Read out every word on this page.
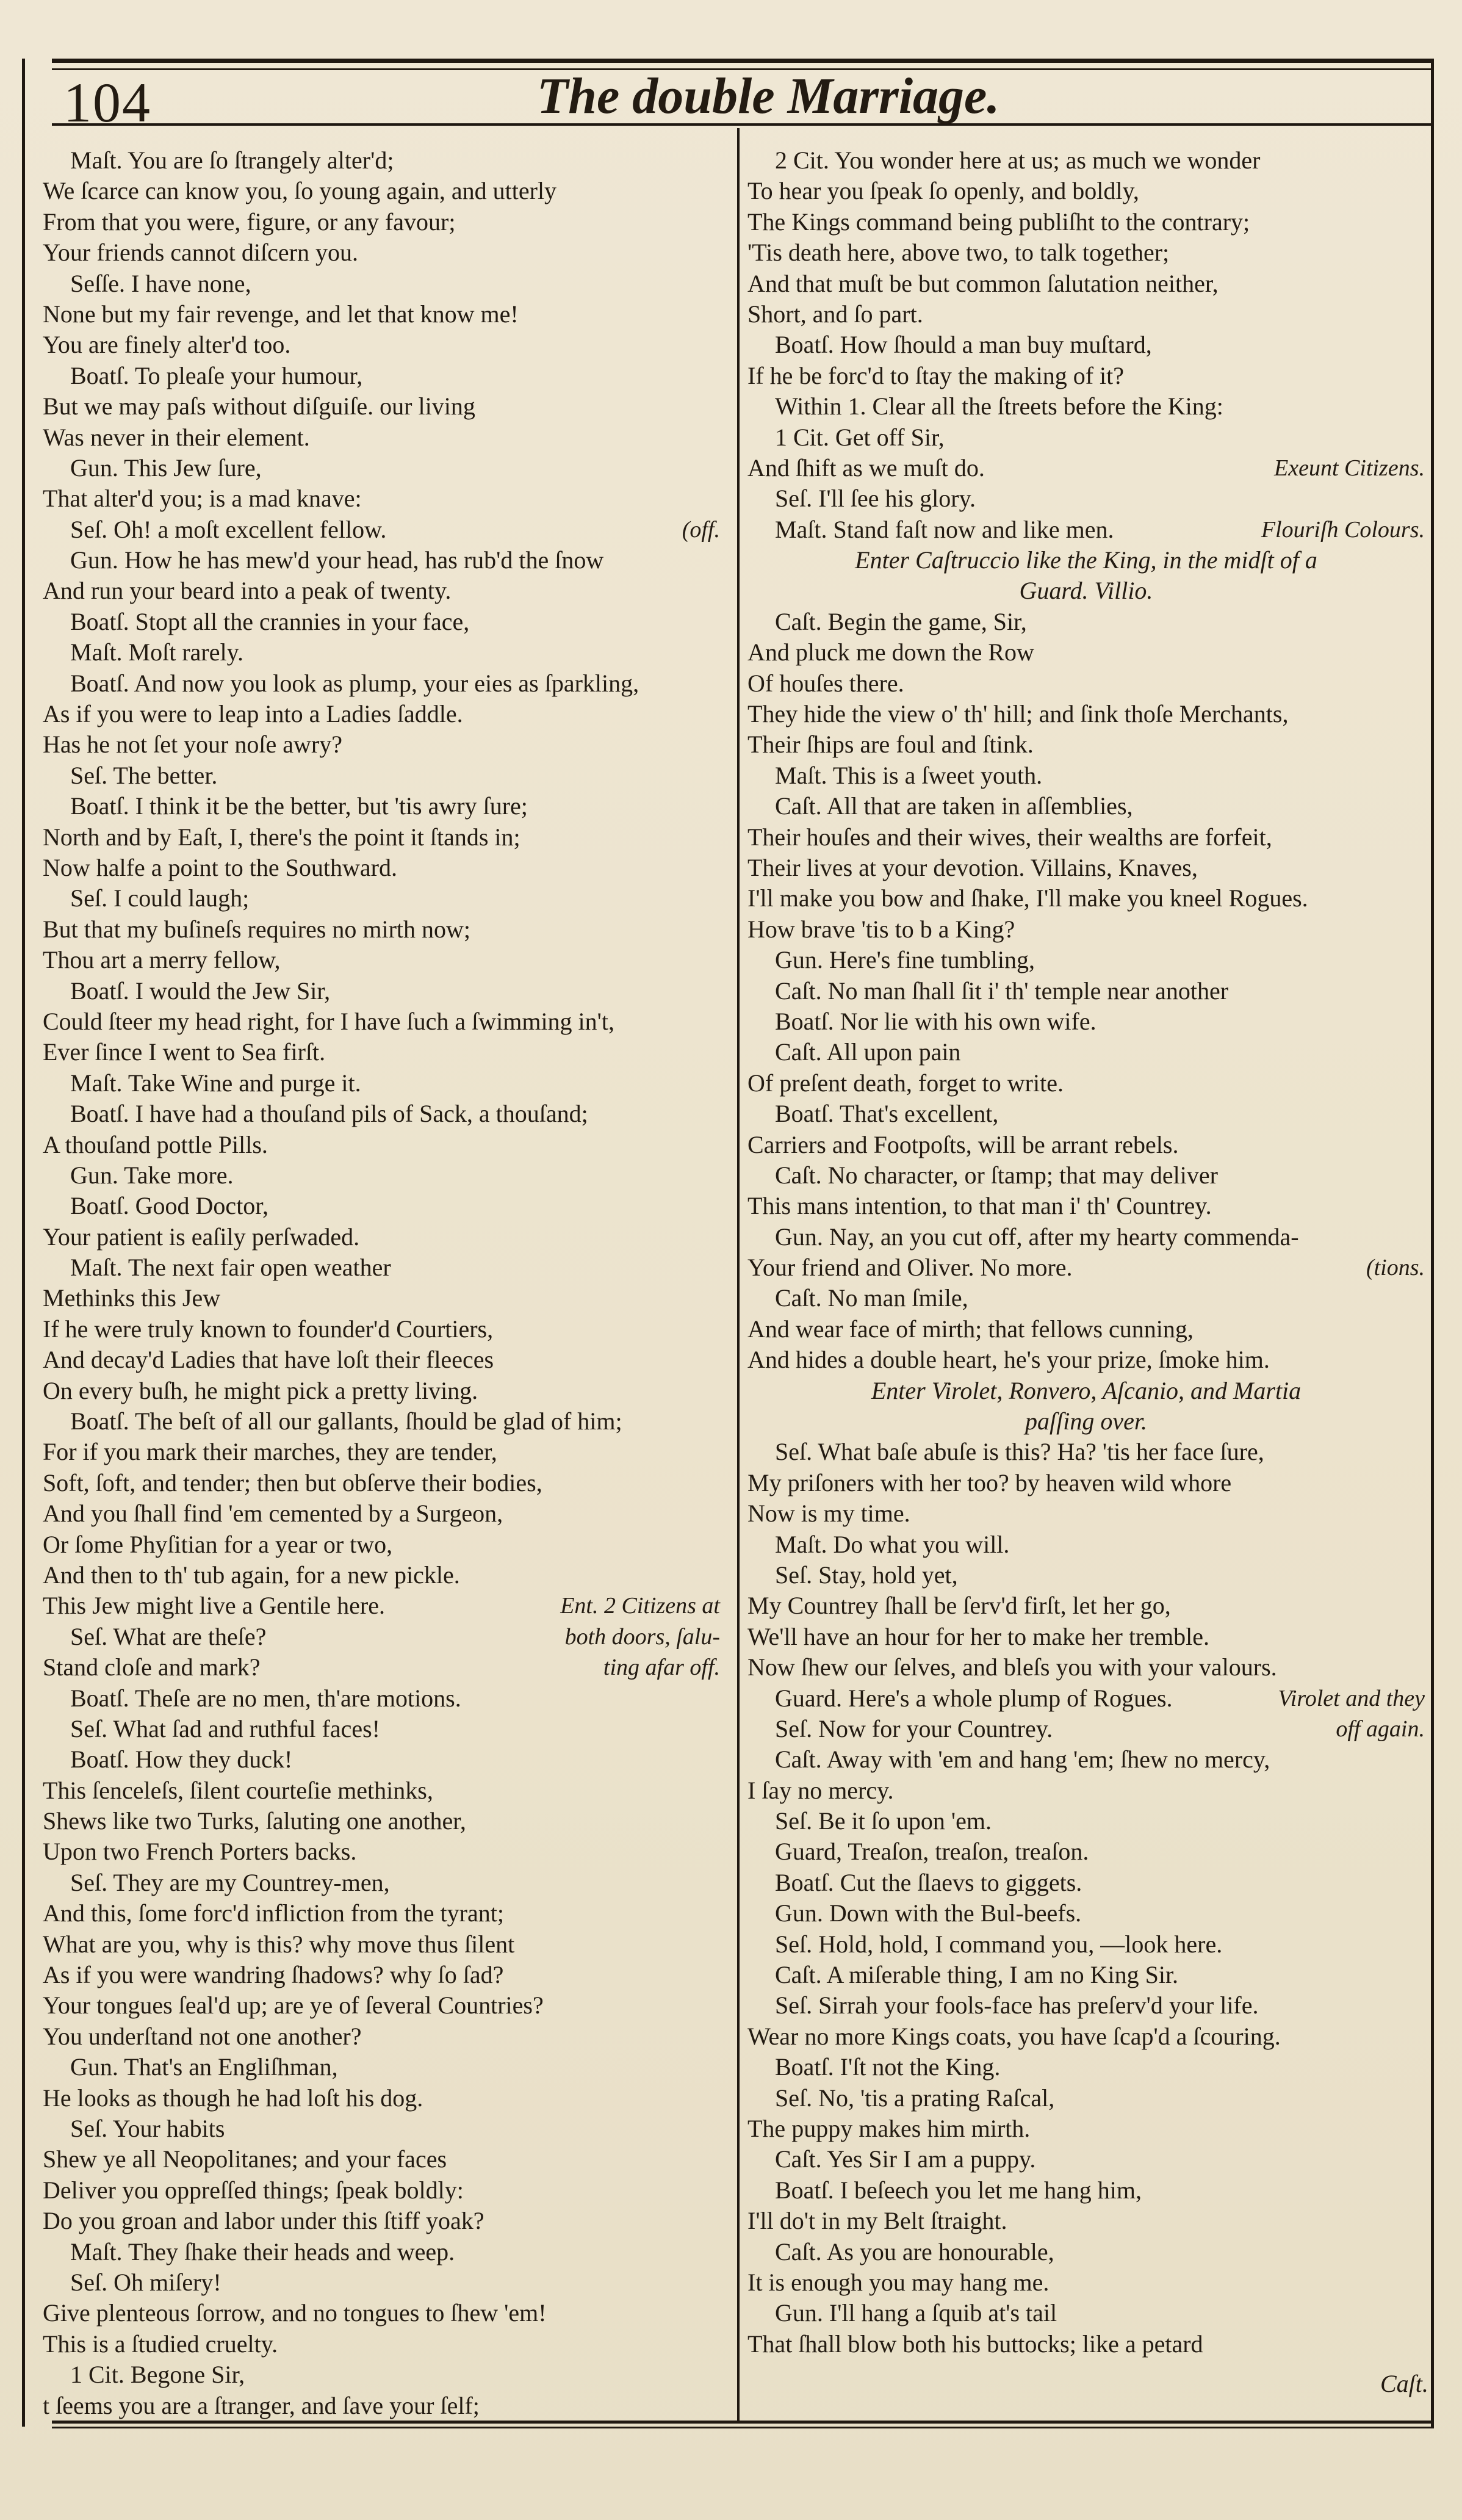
104	The double Marriage.
Maſt. You are ſo ſtrangely alter'd;
We ſcarce can know you, ſo young again, and utterly
From that you were, figure, or any favour;
Your friends cannot diſcern you.
Seſſe. I have none,
None but my fair revenge, and let that know me!
You are finely alter'd too.
Boatſ. To pleaſe your humour,
But we may paſs without diſguiſe. our living
Was never in their element.
Gun. This Jew ſure,
That alter'd you; is a mad knave:
Seſ. Oh! a moſt excellent fellow.	(off.
Gun. How he has mew'd your head, has rub'd the ſnow
And run your beard into a peak of twenty.
Boatſ. Stopt all the crannies in your face,
Maſt. Moſt rarely.
Boatſ. And now you look as plump, your eies as ſparkling,
As if you were to leap into a Ladies ſaddle.
Has he not ſet your noſe awry?
Seſ. The better.
Boatſ. I think it be the better, but 'tis awry ſure;
North and by Eaſt, I, there's the point it ſtands in;
Now halfe a point to the Southward.
Seſ. I could laugh;
But that my buſineſs requires no mirth now;
Thou art a merry fellow,
Boatſ. I would the Jew Sir,
Could ſteer my head right, for I have ſuch a ſwimming in't,
Ever ſince I went to Sea firſt.
Maſt. Take Wine and purge it.
Boatſ. I have had a thouſand pils of Sack, a thouſand;
A thouſand pottle Pills.
Gun. Take more.
Boatſ. Good Doctor,
Your patient is eaſily perſwaded.
Maſt. The next fair open weather
Methinks this Jew
If he were truly known to founder'd Courtiers,
And decay'd Ladies that have loſt their fleeces
On every buſh, he might pick a pretty living.
Boatſ. The beſt of all our gallants, ſhould be glad of him;
For if you mark their marches, they are tender,
Soft, ſoft, and tender; then but obſerve their bodies,
And you ſhall find 'em cemented by a Surgeon,
Or ſome Phyſitian for a year or two,
And then to th' tub again, for a new pickle.
This Jew might live a Gentile here.	Ent. 2 Citizens at
Seſ. What are theſe?	both doors, ſalu-
Stand cloſe and mark?	ting afar off.
Boatſ. Theſe are no men, th'are motions.
Seſ. What ſad and ruthful faces!
Boatſ. How they duck!
This ſenceleſs, ſilent courteſie methinks,
Shews like two Turks, ſaluting one another,
Upon two French Porters backs.
Seſ. They are my Countrey-men,
And this, ſome forc'd infliction from the tyrant;
What are you, why is this? why move thus ſilent
As if you were wandring ſhadows? why ſo ſad?
Your tongues ſeal'd up; are ye of ſeveral Countries?
You underſtand not one another?
Gun. That's an Engliſhman,
He looks as though he had loſt his dog.
Seſ. Your habits
Shew ye all Neopolitanes; and your faces
Deliver you oppreſſed things; ſpeak boldly:
Do you groan and labor under this ſtiff yoak?
Maſt. They ſhake their heads and weep.
Seſ. Oh miſery!
Give plenteous ſorrow, and no tongues to ſhew 'em!
This is a ſtudied cruelty.
1 Cit. Begone Sir,
t ſeems you are a ſtranger, and ſave your ſelf;
2 Cit. You wonder here at us; as much we wonder
To hear you ſpeak ſo openly, and boldly,
The Kings command being publiſht to the contrary;
'Tis death here, above two, to talk together;
And that muſt be but common ſalutation neither,
Short, and ſo part.
Boatſ. How ſhould a man buy muſtard,
If he be forc'd to ſtay the making of it?
Within 1. Clear all the ſtreets before the King:
1 Cit. Get off Sir,
And ſhift as we muſt do.	Exeunt Citizens.
Seſ. I'll ſee his glory.
Maſt. Stand faſt now and like men.	Flouriſh Colours.
Enter Caſtruccio like the King, in the midſt of a
Guard. Villio.
Caſt. Begin the game, Sir,
And pluck me down the Row
Of houſes there.
They hide the view o' th' hill; and ſink thoſe Merchants,
Their ſhips are foul and ſtink.
Maſt. This is a ſweet youth.
Caſt. All that are taken in aſſemblies,
Their houſes and their wives, their wealths are forfeit,
Their lives at your devotion. Villains, Knaves,
I'll make you bow and ſhake, I'll make you kneel Rogues.
How brave 'tis to b a King?
Gun. Here's fine tumbling,
Caſt. No man ſhall ſit i' th' temple near another
Boatſ. Nor lie with his own wife.
Caſt. All upon pain
Of preſent death, forget to write.
Boatſ. That's excellent,
Carriers and Footpoſts, will be arrant rebels.
Caſt. No character, or ſtamp; that may deliver
This mans intention, to that man i' th' Countrey.
Gun. Nay, an you cut off, after my hearty commenda-
Your friend and Oliver. No more.	(tions.
Caſt. No man ſmile,
And wear face of mirth; that fellows cunning,
And hides a double heart, he's your prize, ſmoke him.
Enter Virolet, Ronvero, Aſcanio, and Martia
paſſing over.
Seſ. What baſe abuſe is this? Ha? 'tis her face ſure,
My priſoners with her too? by heaven wild whore
Now is my time.
Maſt. Do what you will.
Seſ. Stay, hold yet,
My Countrey ſhall be ſerv'd firſt, let her go,
We'll have an hour for her to make her tremble.
Now ſhew our ſelves, and bleſs you with your valours.
Guard. Here's a whole plump of Rogues.	Virolet and they
Seſ. Now for your Countrey.	off again.
Caſt. Away with 'em and hang 'em; ſhew no mercy,
I ſay no mercy.
Seſ. Be it ſo upon 'em.
Guard, Treaſon, treaſon, treaſon.
Boatſ. Cut the ſlaevs to giggets.
Gun. Down with the Bul-beefs.
Seſ. Hold, hold, I command you, —look here.
Caſt. A miſerable thing, I am no King Sir.
Seſ. Sirrah your fools-face has preſerv'd your life.
Wear no more Kings coats, you have ſcap'd a ſcouring.
Boatſ. I'ſt not the King.
Seſ. No, 'tis a prating Raſcal,
The puppy makes him mirth.
Caſt. Yes Sir I am a puppy.
Boatſ. I beſeech you let me hang him,
I'll do't in my Belt ſtraight.
Caſt. As you are honourable,
It is enough you may hang me.
Gun. I'll hang a ſquib at's tail
That ſhall blow both his buttocks; like a petard
Caſt.
